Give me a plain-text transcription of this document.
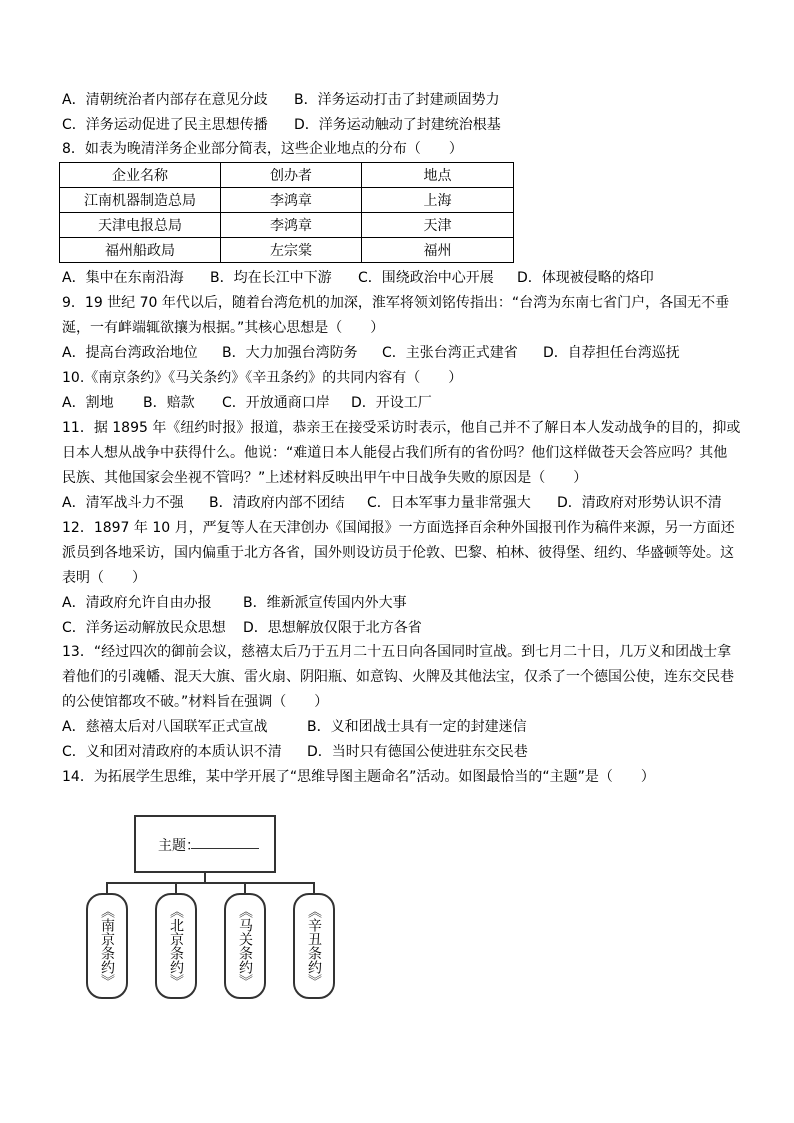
A．清朝统治者内部存在意见分歧 B．洋务运动打击了封建顽固势力
C．洋务运动促进了民主思想传播 D．洋务运动触动了封建统治根基
8．如表为晚清洋务企业部分简表，这些企业地点的分布（　　）
企业名称	创办者	地点
江南机器制造总局	李鸿章	上海
天津电报总局	李鸿章	天津
福州船政局	左宗棠	福州
A．集中在东南沿海 B．均在长江中下游 C．围绕政治中心开展 D．体现被侵略的烙印
9．19 世纪 70 年代以后，随着台湾危机的加深，淮军将领刘铭传指出：“台湾为东南七省门户，各国无不垂
涎，一有衅端辄欲攘为根据。”其核心思想是（　　）
A．提高台湾政治地位 B．大力加强台湾防务 C．主张台湾正式建省 D．自荐担任台湾巡抚
10.《南京条约》《马关条约》《辛丑条约》的共同内容有（　　）
A．割地 B．赔款 C．开放通商口岸 D．开设工厂
11．据 1895 年《纽约时报》报道，恭亲王在接受采访时表示，他自己并不了解日本人发动战争的目的，抑或
日本人想从战争中获得什么。他说：“难道日本人能侵占我们所有的省份吗？他们这样做苍天会答应吗？其他
民族、其他国家会坐视不管吗？”上述材料反映出甲午中日战争失败的原因是（　　）
A．清军战斗力不强 B．清政府内部不团结 C．日本军事力量非常强大 D．清政府对形势认识不清
12．1897 年 10 月，严复等人在天津创办《国闻报》一方面选择百余种外国报刊作为稿件来源，另一方面还
派员到各地采访，国内偏重于北方各省，国外则设访员于伦敦、巴黎、柏林、彼得堡、纽约、华盛顿等处。这
表明（　　）
A．清政府允许自由办报 B．维新派宣传国内外大事
C．洋务运动解放民众思想 D．思想解放仅限于北方各省
13．“经过四次的御前会议，慈禧太后乃于五月二十五日向各国同时宣战。到七月二十日，几万义和团战士拿
着他们的引魂幡、混天大旗、雷火扇、阴阳瓶、如意钩、火牌及其他法宝，仅杀了一个德国公使，连东交民巷
的公使馆都攻不破。”材料旨在强调（　　）
A．慈禧太后对八国联军正式宣战	B．义和团战士具有一定的封建迷信
C．义和团对清政府的本质认识不清 D．当时只有德国公使进驻东交民巷
14．为拓展学生思维，某中学开展了“思维导图主题命名”活动。如图最恰当的“主题”是（　　）
主题：
《南京条约》	《北京条约》	《马关条约》	《辛丑条约》
